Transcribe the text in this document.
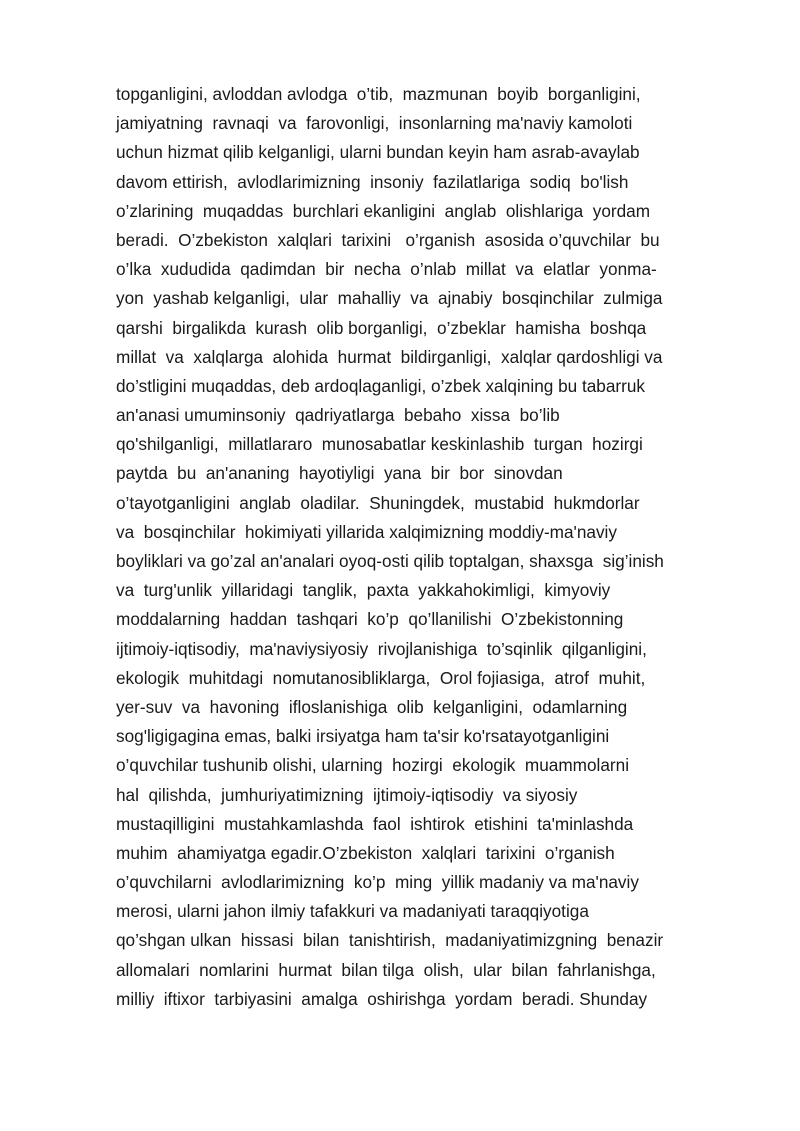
topganligini, avloddan avlodga  o’tib,  mazmunan  boyib  borganligini,
jamiyatning  ravnaqi  va  farovonligi,  insonlarning ma'naviy kamoloti
uchun hizmat qilib kelganligi, ularni bundan keyin ham asrab-avaylab
davom ettirish,  avlodlarimizning  insoniy  fazilatlariga  sodiq  bo'lish
o’zlarining  muqaddas  burchlari ekanligini  anglab  olishlariga  yordam
beradi.  O’zbekiston  xalqlari  tarixini   o’rganish  asosida o’quvchilar  bu
o’lka  xududida  qadimdan  bir  necha  o’nlab  millat  va  elatlar  yonma-
yon  yashab kelganligi,  ular  mahalliy  va  ajnabiy  bosqinchilar  zulmiga
qarshi  birgalikda  kurash  olib borganligi,  o’zbeklar  hamisha  boshqa
millat  va  xalqlarga  alohida  hurmat  bildirganligi,  xalqlar qardoshligi va
do’stligini muqaddas, deb ardoqlaganligi, o’zbek xalqining bu tabarruk
an'anasi umuminsoniy  qadriyatlarga  bebaho  xissa  bo’lib
qo'shilganligi,  millatlararo  munosabatlar keskinlashib  turgan  hozirgi
paytda  bu  an'ananing  hayotiyligi  yana  bir  bor  sinovdan
o’tayotganligini  anglab  oladilar.  Shuningdek,  mustabid  hukmdorlar
va  bosqinchilar  hokimiyati yillarida xalqimizning moddiy-ma'naviy
boyliklari va go’zal an'analari oyoq-osti qilib toptalgan, shaxsga  sig’inish
va  turg'unlik  yillaridagi  tanglik,  paxta  yakkahokimligi,  kimyoviy
moddalarning  haddan  tashqari  ko’p  qo’llanilishi  O’zbekistonning
ijtimoiy-iqtisodiy,  ma'naviysiyosiy  rivojlanishiga  to’sqinlik  qilganligini,
ekologik  muhitdagi  nomutanosibliklarga,  Orol fojiasiga,  atrof  muhit,
yer-suv  va  havoning  ifloslanishiga  olib  kelganligini,  odamlarning
sog'ligigagina emas, balki irsiyatga ham ta'sir ko'rsatayotganligini
o’quvchilar tushunib olishi, ularning  hozirgi  ekologik  muammolarni
hal  qilishda,  jumhuriyatimizning  ijtimoiy-iqtisodiy  va siyosiy
mustaqilligini  mustahkamlashda  faol  ishtirok  etishini  ta'minlashda
muhim  ahamiyatga egadir.O’zbekiston  xalqlari  tarixini  o’rganish
o’quvchilarni  avlodlarimizning  ko’p  ming  yillik madaniy va ma'naviy
merosi, ularni jahon ilmiy tafakkuri va madaniyati taraqqiyotiga
qo’shgan ulkan  hissasi  bilan  tanishtirish,  madaniyatimizgning  benazir
allomalari  nomlarini  hurmat  bilan tilga  olish,  ular  bilan  fahrlanishga,
milliy  iftixor  tarbiyasini  amalga  oshirishga  yordam  beradi. Shunday
